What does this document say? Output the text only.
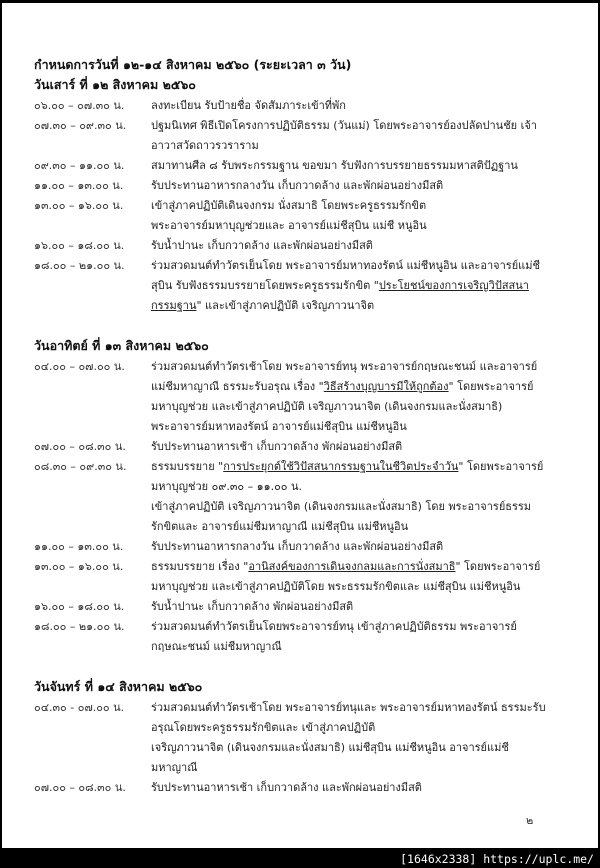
กำหนดการวันที่ ๑๒-๑๔ สิงหาคม ๒๕๖๐ (ระยะเวลา ๓ วัน)
วันเสาร์ ที่ ๑๒ สิงหาคม ๒๕๖๐
๐๖.๐๐ – ๐๗.๓๐ น.	ลงทะเบียน รับป้ายชื่อ จัดสัมภาระเข้าที่พัก
๐๗.๓๐ – ๐๙.๓๐ น.	ปฐมนิเทศ พิธีเปิดโครงการปฏิบัติธรรม (วันแม่) โดยพระอาจารย์องปลัดปานชัย เจ้า
อาวาสวัดถาวรวราราม
๐๙.๓๐ – ๑๑.๐๐ น.	สมาทานศีล ๘ รับพระกรรมฐาน ขอขมา รับฟังการบรรยายธรรมมหาสติปัฏฐาน
๑๑.๐๐ – ๑๓.๐๐ น.	รับประทานอาหารกลางวัน เก็บกวาดล้าง และพักผ่อนอย่างมีสติ
๑๓.๐๐ – ๑๖.๐๐ น.	เข้าสู่ภาคปฏิบัติเดินจงกรม นั่งสมาธิ โดยพระครูธรรมรักขิต
พระอาจารย์มหาบุญช่วยและ อาจารย์แม่ชีสุบิน แม่ชี หนูอิน
๑๖.๐๐ – ๑๘.๐๐ น.	รับน้ำปานะ เก็บกวาดล้าง และพักผ่อนอย่างมีสติ
๑๘.๐๐ – ๒๑.๐๐ น.	ร่วมสวดมนต์ทำวัตรเย็นโดย พระอาจารย์มหาทองรัตน์ แม่ชีหนูอิน และอาจารย์แม่ชี
สุบิน รับฟังธรรมบรรยายโดยพระครูธรรมรักขิต "ประโยชน์ของการเจริญวิปัสสนา
กรรมฐาน" และเข้าสู่ภาคปฏิบัติ เจริญภาวนาจิต
วันอาทิตย์ ที่ ๑๓ สิงหาคม ๒๕๖๐
๐๔.๐๐ – ๐๗.๐๐ น.	ร่วมสวดมนต์ทำวัตรเช้าโดย พระอาจารย์ทนุ พระอาจารย์กฤษณะชนม์ และอาจารย์
แม่ชีมหาญาณี ธรรมะรับอรุณ เรื่อง "วิธีสร้างบุญบารมีให้ถูกต้อง" โดยพระอาจารย์
มหาบุญช่วย และเข้าสู่ภาคปฏิบัติ เจริญภาวนาจิต (เดินจงกรมและนั่งสมาธิ)
พระอาจารย์มหาทองรัตน์ อาจารย์แม่ชีสุบิน แม่ชีหนูอิน
๐๗.๐๐ – ๐๘.๓๐ น.	รับประทานอาหารเช้า เก็บกวาดล้าง พักผ่อนอย่างมีสติ
๐๘.๓๐ – ๐๙.๓๐ น.	ธรรมบรรยาย "การประยุกต์ใช้วิปัสสนากรรมฐานในชีวิตประจำวัน" โดยพระอาจารย์
มหาบุญช่วย ๐๙.๓๐ – ๑๑.๐๐ น.
เข้าสู่ภาคปฏิบัติ เจริญภาวนาจิต (เดินจงกรมและนั่งสมาธิ) โดย พระอาจารย์ธรรม
รักขิตและ อาจารย์แม่ชีมหาญาณี แม่ชีสุบิน แม่ชีหนูอิน
๑๑.๐๐ – ๑๓.๐๐ น.	รับประทานอาหารกลางวัน เก็บกวาดล้าง และพักผ่อนอย่างมีสติ
๑๓.๐๐ – ๑๖.๐๐ น.	ธรรมบรรยาย เรื่อง "อานิสงค์ของการเดินจงกลมและการนั่งสมาธิ" โดยพระอาจารย์
มหาบุญช่วย และเข้าสู่ภาคปฏิบัติโดย พระธรรมรักขิตและ แม่ชีสุบิน แม่ชีหนูอิน
๑๖.๐๐ – ๑๘.๐๐ น.	รับน้ำปานะ เก็บกวาดล้าง พักผ่อนอย่างมีสติ
๑๘.๐๐ – ๒๑.๐๐ น.	ร่วมสวดมนต์ทำวัตรเย็นโดยพระอาจารย์ทนุ เข้าสู่ภาคปฏิบัติธรรม พระอาจารย์
กฤษณะชนม์ แม่ชีมหาญาณี
วันจันทร์ ที่ ๑๔ สิงหาคม ๒๕๖๐
๐๔.๓๐ - ๐๗.๐๐ น.	ร่วมสวดมนต์ทำวัตรเช้าโดย พระอาจารย์ทนุและ พระอาจารย์มหาทองรัตน์ ธรรมะรับ
อรุณโดยพระครูธรรมรักขิตและ เข้าสู่ภาคปฏิบัติ
เจริญภาวนาจิต (เดินจงกรมและนั่งสมาธิ) แม่ชีสุบิน แม่ชีหนูอิน อาจารย์แม่ชี
มหาญาณี
๐๗.๐๐ – ๐๘.๓๐ น.	รับประทานอาหารเช้า เก็บกวาดล้าง และพักผ่อนอย่างมีสติ
๒
[1646x2338] https://uplc.me/
